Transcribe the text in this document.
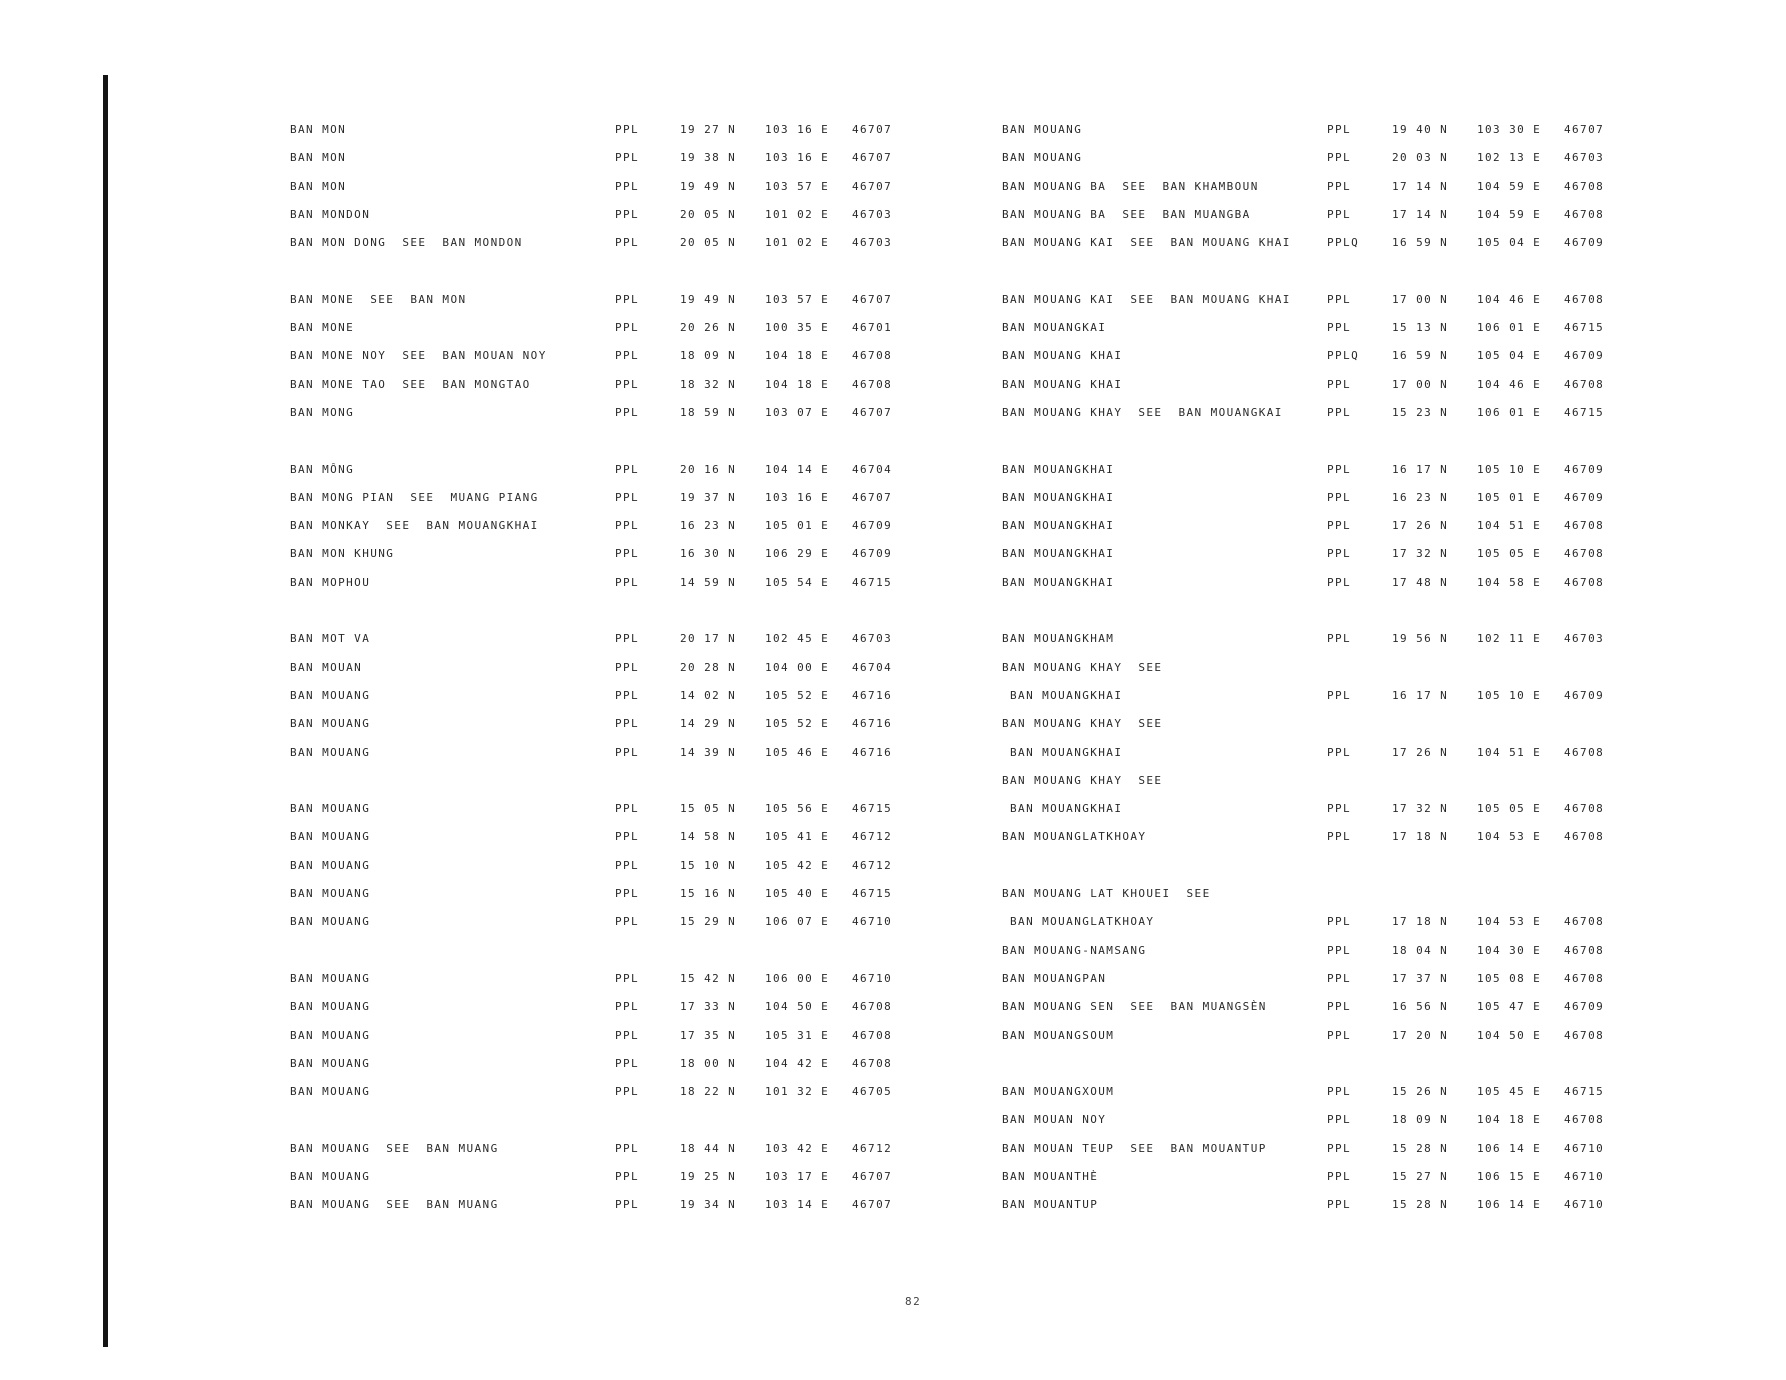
BAN MON	PPL	19 27 N	103 16 E 46707
BAN MON	PPL	19 38 N	103 16 E 46707
BAN MON	PPL	19 49 N	103 57 E 46707
BAN MONDON	PPL	20 05 N	101 02 E 46703
BAN MON DONG  SEE  BAN MONDON	PPL	20 05 N	101 02 E 46703
BAN MONE  SEE  BAN MON	PPL	19 49 N	103 57 E 46707
BAN MONE	PPL	20 26 N	100 35 E 46701
BAN MONE NOY  SEE  BAN MOUAN NOY	PPL	18 09 N	104 18 E 46708
BAN MONE TAO  SEE  BAN MONGTAO	PPL	18 32 N	104 18 E 46708
BAN MONG	PPL	18 59 N	103 07 E 46707
BAN MÔNG	PPL	20 16 N	104 14 E 46704
BAN MONG PIAN  SEE  MUANG PIANG	PPL	19 37 N	103 16 E 46707
BAN MONKAY  SEE  BAN MOUANGKHAI	PPL	16 23 N	105 01 E 46709
BAN MON KHUNG	PPL	16 30 N	106 29 E 46709
BAN MOPHOU	PPL	14 59 N	105 54 E 46715
BAN MOT VA	PPL	20 17 N	102 45 E 46703
BAN MOUAN	PPL	20 28 N	104 00 E 46704
BAN MOUANG	PPL	14 02 N	105 52 E 46716
BAN MOUANG	PPL	14 29 N	105 52 E 46716
BAN MOUANG	PPL	14 39 N	105 46 E 46716
BAN MOUANG	PPL	15 05 N	105 56 E 46715
BAN MOUANG	PPL	14 58 N	105 41 E 46712
BAN MOUANG	PPL	15 10 N	105 42 E 46712
BAN MOUANG	PPL	15 16 N	105 40 E 46715
BAN MOUANG	PPL	15 29 N	106 07 E 46710
BAN MOUANG	PPL	15 42 N	106 00 E 46710
BAN MOUANG	PPL	17 33 N	104 50 E 46708
BAN MOUANG	PPL	17 35 N	105 31 E 46708
BAN MOUANG	PPL	18 00 N	104 42 E 46708
BAN MOUANG	PPL	18 22 N	101 32 E 46705
BAN MOUANG  SEE  BAN MUANG	PPL	18 44 N	103 42 E 46712
BAN MOUANG	PPL	19 25 N	103 17 E 46707
BAN MOUANG  SEE  BAN MUANG	PPL	19 34 N	103 14 E 46707
BAN MOUANG	PPL	19 40 N	103 30 E 46707
BAN MOUANG	PPL	20 03 N	102 13 E 46703
BAN MOUANG BA  SEE  BAN KHAMBOUN	PPL	17 14 N	104 59 E 46708
BAN MOUANG BA  SEE  BAN MUANGBA	PPL	17 14 N	104 59 E 46708
BAN MOUANG KAI  SEE  BAN MOUANG KHAI	PPLQ	16 59 N	105 04 E 46709
BAN MOUANG KAI  SEE  BAN MOUANG KHAI	PPL	17 00 N	104 46 E 46708
BAN MOUANGKAI	PPL	15 13 N	106 01 E 46715
BAN MOUANG KHAI	PPLQ	16 59 N	105 04 E 46709
BAN MOUANG KHAI	PPL	17 00 N	104 46 E 46708
BAN MOUANG KHAY  SEE  BAN MOUANGKAI	PPL	15 23 N	106 01 E 46715
BAN MOUANGKHAI	PPL	16 17 N	105 10 E 46709
BAN MOUANGKHAI	PPL	16 23 N	105 01 E 46709
BAN MOUANGKHAI	PPL	17 26 N	104 51 E 46708
BAN MOUANGKHAI	PPL	17 32 N	105 05 E 46708
BAN MOUANGKHAI	PPL	17 48 N	104 58 E 46708
BAN MOUANGKHAM	PPL	19 56 N	102 11 E 46703
BAN MOUANG KHAY  SEE
BAN MOUANGKHAI	PPL	16 17 N	105 10 E 46709
BAN MOUANG KHAY  SEE
BAN MOUANGKHAI	PPL	17 26 N	104 51 E 46708
BAN MOUANG KHAY  SEE
BAN MOUANGKHAI	PPL	17 32 N	105 05 E 46708
BAN MOUANGLATKHOAY	PPL	17 18 N	104 53 E 46708
BAN MOUANG LAT KHOUEI  SEE
BAN MOUANGLATKHOAY	PPL	17 18 N	104 53 E 46708
BAN MOUANG-NAMSANG	PPL	18 04 N	104 30 E 46708
BAN MOUANGPAN	PPL	17 37 N	105 08 E 46708
BAN MOUANG SEN  SEE  BAN MUANGSÈN	PPL	16 56 N	105 47 E 46709
BAN MOUANGSOUM	PPL	17 20 N	104 50 E 46708
BAN MOUANGXOUM	PPL	15 26 N	105 45 E 46715
BAN MOUAN NOY	PPL	18 09 N	104 18 E 46708
BAN MOUAN TEUP  SEE  BAN MOUANTUP	PPL	15 28 N	106 14 E 46710
BAN MOUANTHÈ	PPL	15 27 N	106 15 E 46710
BAN MOUANTUP	PPL	15 28 N	106 14 E 46710
82
